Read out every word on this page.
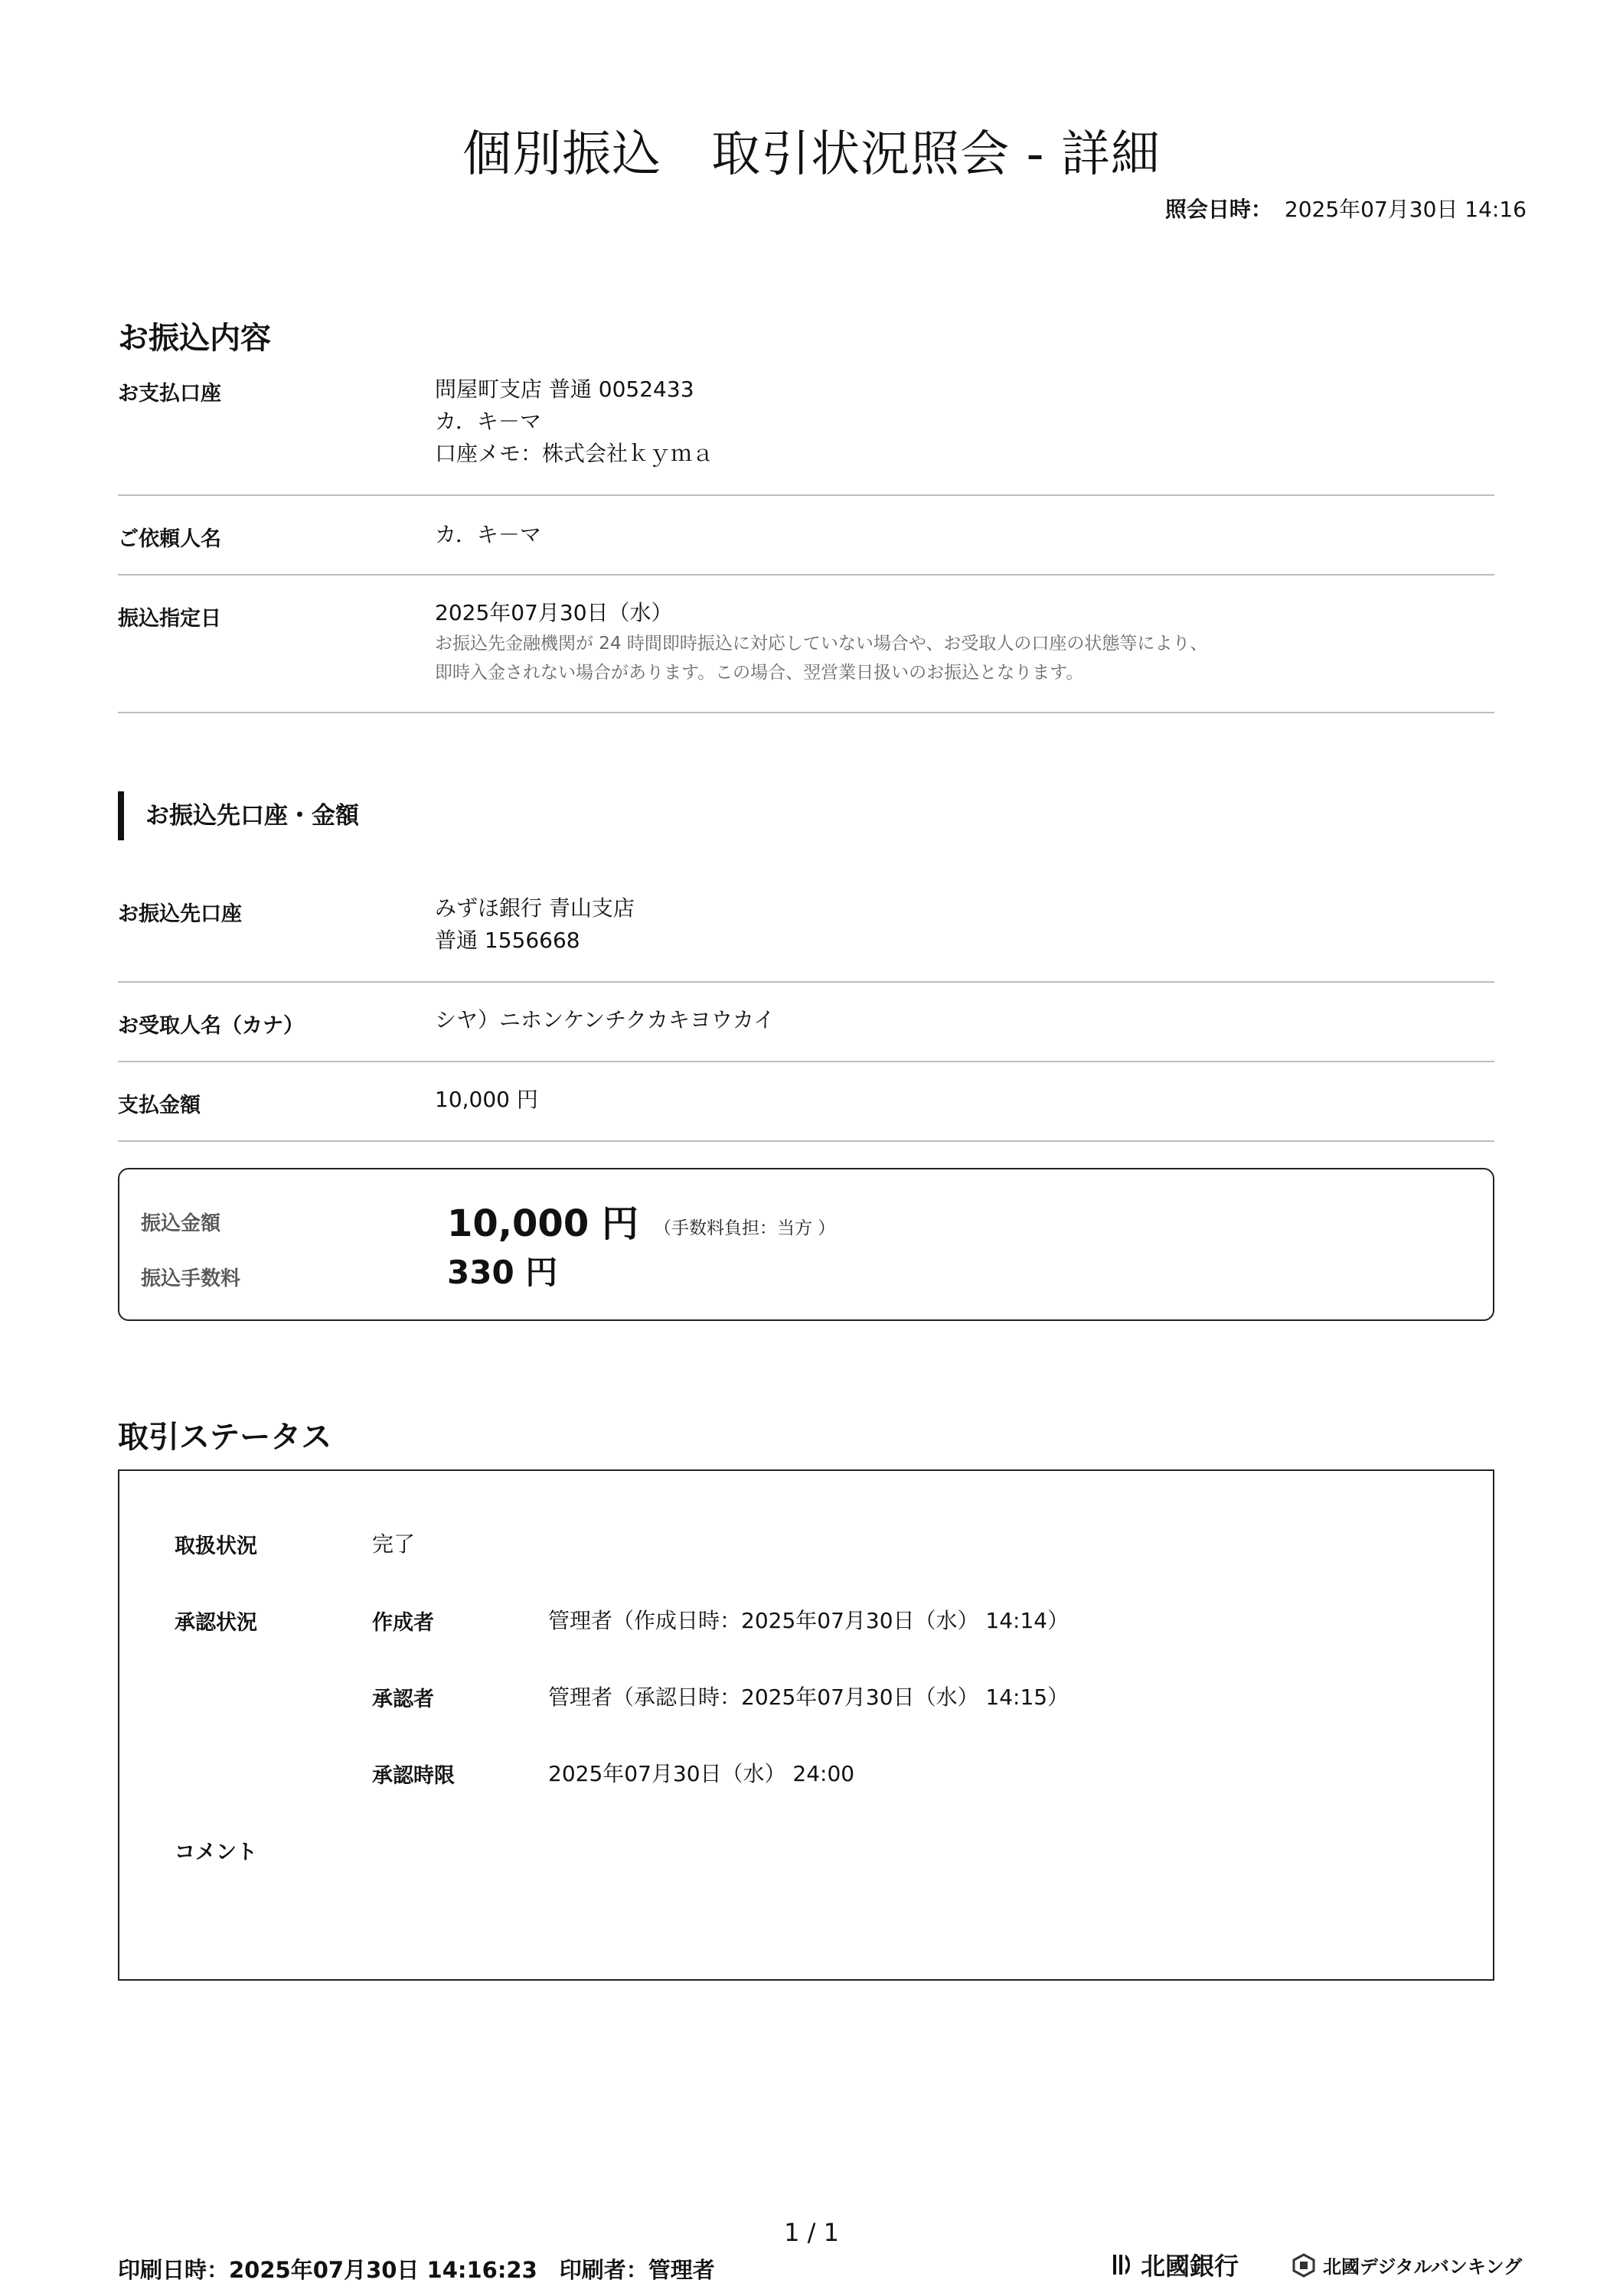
個別振込　取引状況照会 - 詳細
照会日時： 2025年07月30日 14:16
お振込内容
お支払口座	問屋町支店 普通 0052433
カ．キ－マ
口座メモ：株式会社ｋｙｍａ
ご依頼人名	カ．キ－マ
振込指定日	2025年07月30日（水）
お振込先金融機関が 24 時間即時振込に対応していない場合や、お受取人の口座の状態等により、
即時入金されない場合があります。この場合、翌営業日扱いのお振込となります。
お振込先口座・金額
お振込先口座	みずほ銀行 青山支店
普通 1556668
お受取人名（カナ）	シヤ）ニホンケンチクカキヨウカイ
支払金額	10,000 円
振込金額	10,000 円 （手数料負担：当方 ）
振込手数料	330 円
取引ステータス
取扱状況	完了
承認状況	作成者	管理者（作成日時：2025年07月30日（水） 14:14）
承認者	管理者（承認日時：2025年07月30日（水） 14:15）
承認時限	2025年07月30日（水） 24:00
コメント
1 / 1
印刷日時：2025年07月30日 14:16:23　印刷者：管理者	北國銀行	北國デジタルバンキング
